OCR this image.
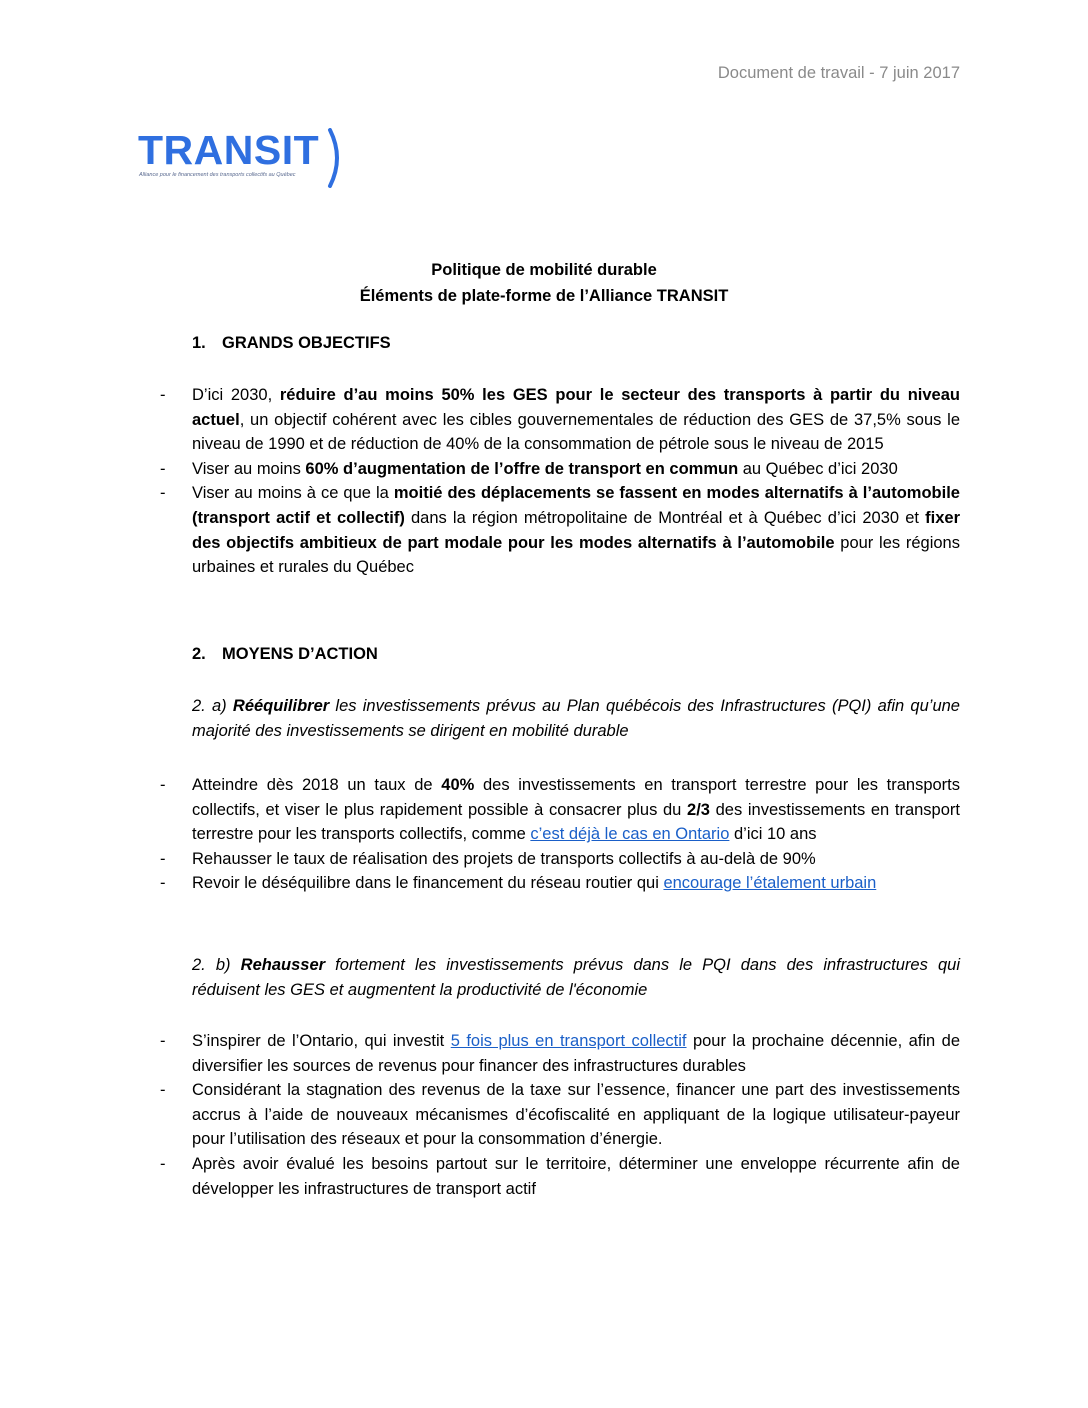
Document de travail - 7 juin 2017
TRANSIT
Alliance pour le financement des transports collectifs au Québec
Politique de mobilité durable
Éléments de plate-forme de l’Alliance TRANSIT
1. GRANDS OBJECTIFS
- D’ici 2030, réduire d’au moins 50% les GES pour le secteur des transports à partir du niveau actuel, un objectif cohérent avec les cibles gouvernementales de réduction des GES de 37,5% sous le niveau de 1990 et de réduction de 40% de la consommation de pétrole sous le niveau de 2015
- Viser au moins 60% d’augmentation de l’offre de transport en commun au Québec d’ici 2030
- Viser au moins à ce que la moitié des déplacements se fassent en modes alternatifs à l’automobile (transport actif et collectif) dans la région métropolitaine de Montréal et à Québec d’ici 2030 et fixer des objectifs ambitieux de part modale pour les modes alternatifs à l’automobile pour les régions urbaines et rurales du Québec
2. MOYENS D’ACTION
2. a) Rééquilibrer les investissements prévus au Plan québécois des Infrastructures (PQI) afin qu’une majorité des investissements se dirigent en mobilité durable
- Atteindre dès 2018 un taux de 40% des investissements en transport terrestre pour les transports collectifs, et viser le plus rapidement possible à consacrer plus du 2/3 des investissements en transport terrestre pour les transports collectifs, comme c’est déjà le cas en Ontario d’ici 10 ans
- Rehausser le taux de réalisation des projets de transports collectifs à au-delà de 90%
- Revoir le déséquilibre dans le financement du réseau routier qui encourage l’étalement urbain
2. b) Rehausser fortement les investissements prévus dans le PQI dans des infrastructures qui réduisent les GES et augmentent la productivité de l'économie
- S’inspirer de l’Ontario, qui investit 5 fois plus en transport collectif pour la prochaine décennie, afin de diversifier les sources de revenus pour financer des infrastructures durables
- Considérant la stagnation des revenus de la taxe sur l’essence, financer une part des investissements accrus à l’aide de nouveaux mécanismes d’écofiscalité en appliquant de la logique utilisateur-payeur pour l’utilisation des réseaux et pour la consommation d’énergie.
- Après avoir évalué les besoins partout sur le territoire, déterminer une enveloppe récurrente afin de développer les infrastructures de transport actif
